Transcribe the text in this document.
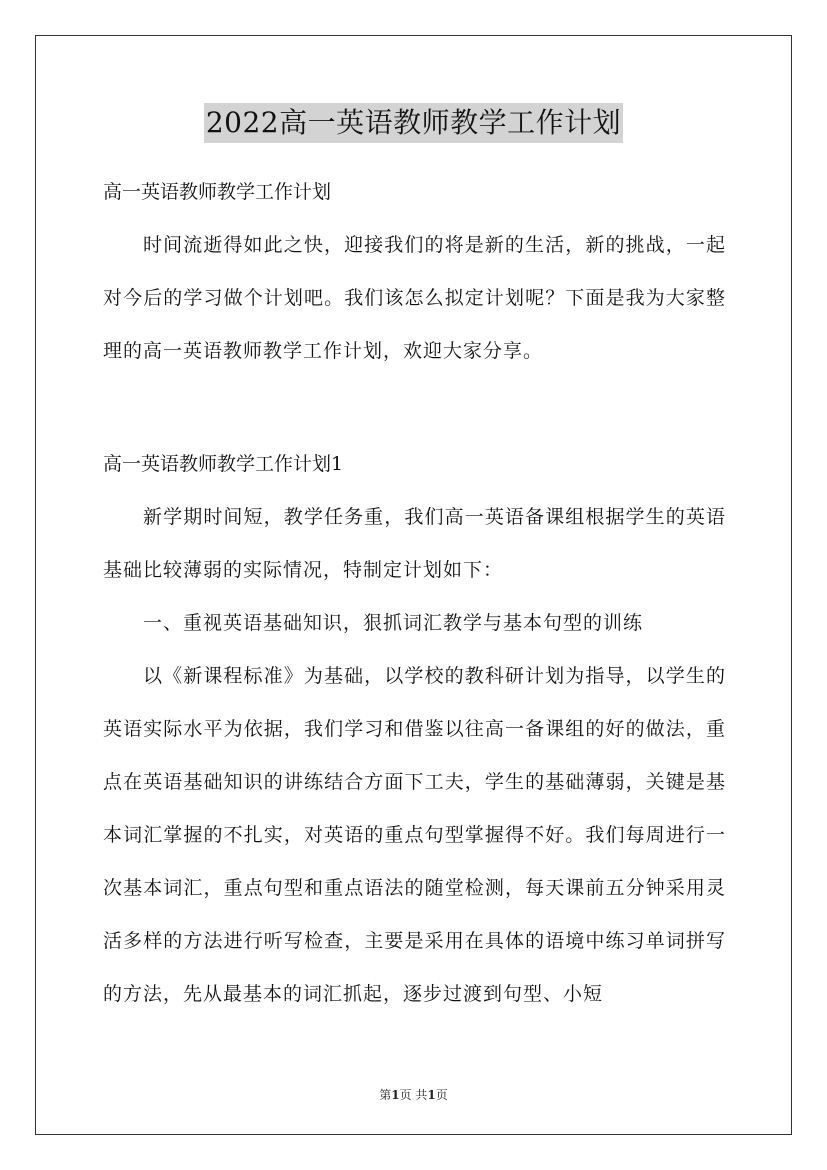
2022高一英语教师教学工作计划

高一英语教师教学工作计划

时间流逝得如此之快，迎接我们的将是新的生活，新的挑战，一起对今后的学习做个计划吧。我们该怎么拟定计划呢？下面是我为大家整理的高一英语教师教学工作计划，欢迎大家分享。

高一英语教师教学工作计划1

新学期时间短，教学任务重，我们高一英语备课组根据学生的英语基础比较薄弱的实际情况，特制定计划如下：

一、重视英语基础知识，狠抓词汇教学与基本句型的训练

以《新课程标准》为基础，以学校的教科研计划为指导，以学生的英语实际水平为依据，我们学习和借鉴以往高一备课组的好的做法，重点在英语基础知识的讲练结合方面下工夫，学生的基础薄弱，关键是基本词汇掌握的不扎实，对英语的重点句型掌握得不好。我们每周进行一次基本词汇，重点句型和重点语法的随堂检测，每天课前五分钟采用灵活多样的方法进行听写检查，主要是采用在具体的语境中练习单词拼写的方法，先从最基本的词汇抓起，逐步过渡到句型、小短

第1页 共1页
